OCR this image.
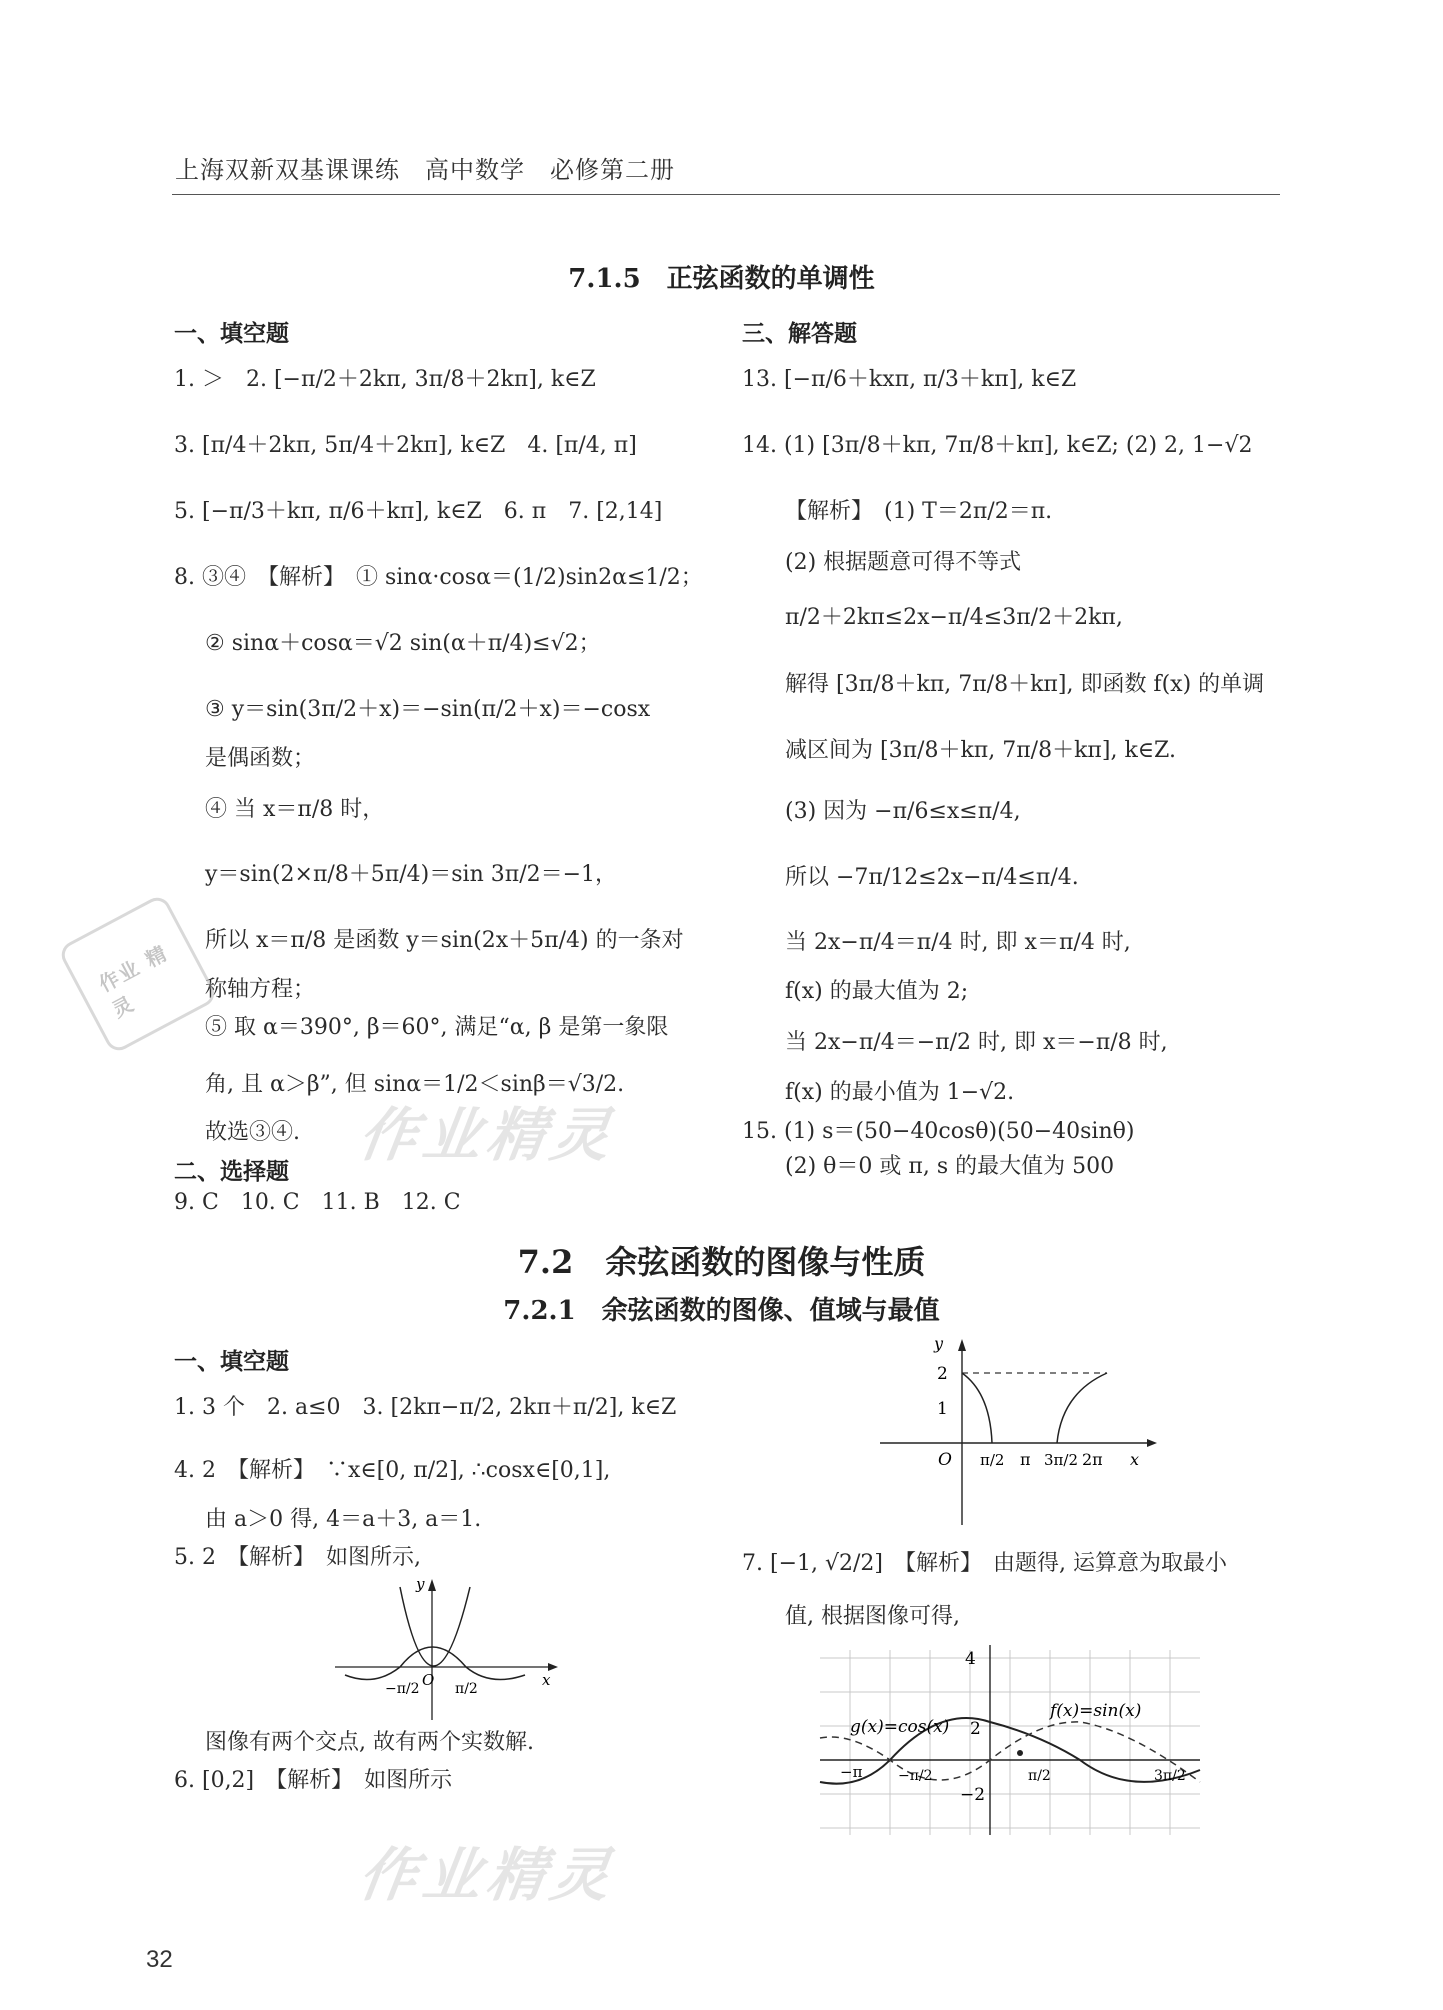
上海双新双基课课练　高中数学　必修第二册
7.1.5　正弦函数的单调性
一、填空题	三、解答题
1. ＞　2. [−π/2＋2kπ, 3π/8＋2kπ], k∈Z
3. [π/4＋2kπ, 5π/4＋2kπ], k∈Z　4. [π/4, π]
5. [−π/3＋kπ, π/6＋kπ], k∈Z　6. π　7. [2,14]
8. ③④　【解析】　① sinα·cosα＝(1/2)sin2α≤1/2；
② sinα＋cosα＝√2 sin(α＋π/4)≤√2；
③ y＝sin(3π/2＋x)＝−sin(π/2＋x)＝−cosx
是偶函数；
④ 当 x＝π/8 时，
y＝sin(2×π/8＋5π/4)＝sin 3π/2＝−1，
所以 x＝π/8 是函数 y＝sin(2x＋5π/4) 的一条对
称轴方程；
⑤ 取 α＝390°, β＝60°, 满足“α, β 是第一象限
角, 且 α＞β”, 但 sinα＝1/2＜sinβ＝√3/2.
故选③④.
二、选择题
9. C　10. C　11. B　12. C
13. [−π/6＋kxπ, π/3＋kπ], k∈Z
14. (1) [3π/8＋kπ, 7π/8＋kπ], k∈Z; (2) 2, 1−√2
【解析】　(1) T＝2π/2＝π.
(2) 根据题意可得不等式
π/2＋2kπ≤2x−π/4≤3π/2＋2kπ,
解得 [3π/8＋kπ, 7π/8＋kπ], 即函数 f(x) 的单调
减区间为 [3π/8＋kπ, 7π/8＋kπ], k∈Z.
(3) 因为 −π/6≤x≤π/4,
所以 −7π/12≤2x−π/4≤π/4.
当 2x−π/4＝π/4 时, 即 x＝π/4 时,
f(x) 的最大值为 2;
当 2x−π/4＝−π/2 时, 即 x＝−π/8 时,
f(x) 的最小值为 1−√2.
15. (1) s＝(50−40cosθ)(50−40sinθ)
(2) θ＝0 或 π, s 的最大值为 500
7.2　余弦函数的图像与性质
7.2.1　余弦函数的图像、值域与最值
一、填空题
1. 3 个　2. a≤0　3. [2kπ−π/2, 2kπ＋π/2], k∈Z
4. 2　【解析】　∵x∈[0, π/2], ∴cosx∈[0,1],
由 a＞0 得, 4＝a＋3, a＝1.
5. 2　【解析】　如图所示,
图像有两个交点, 故有两个实数解.
6. [0,2]　【解析】　如图所示
7. [−1, √2/2]　【解析】　由题得, 运算意为取最小
值, 根据图像可得,
y
2
1
O π/2 π 3π/2 2π x
y
−π/2 O π/2	x
4
2
−2
−π	−π/2	π/2	3π/2
g(x)=cos(x)
f(x)=sin(x)
作业精灵
作业精灵
作业 精灵
32
